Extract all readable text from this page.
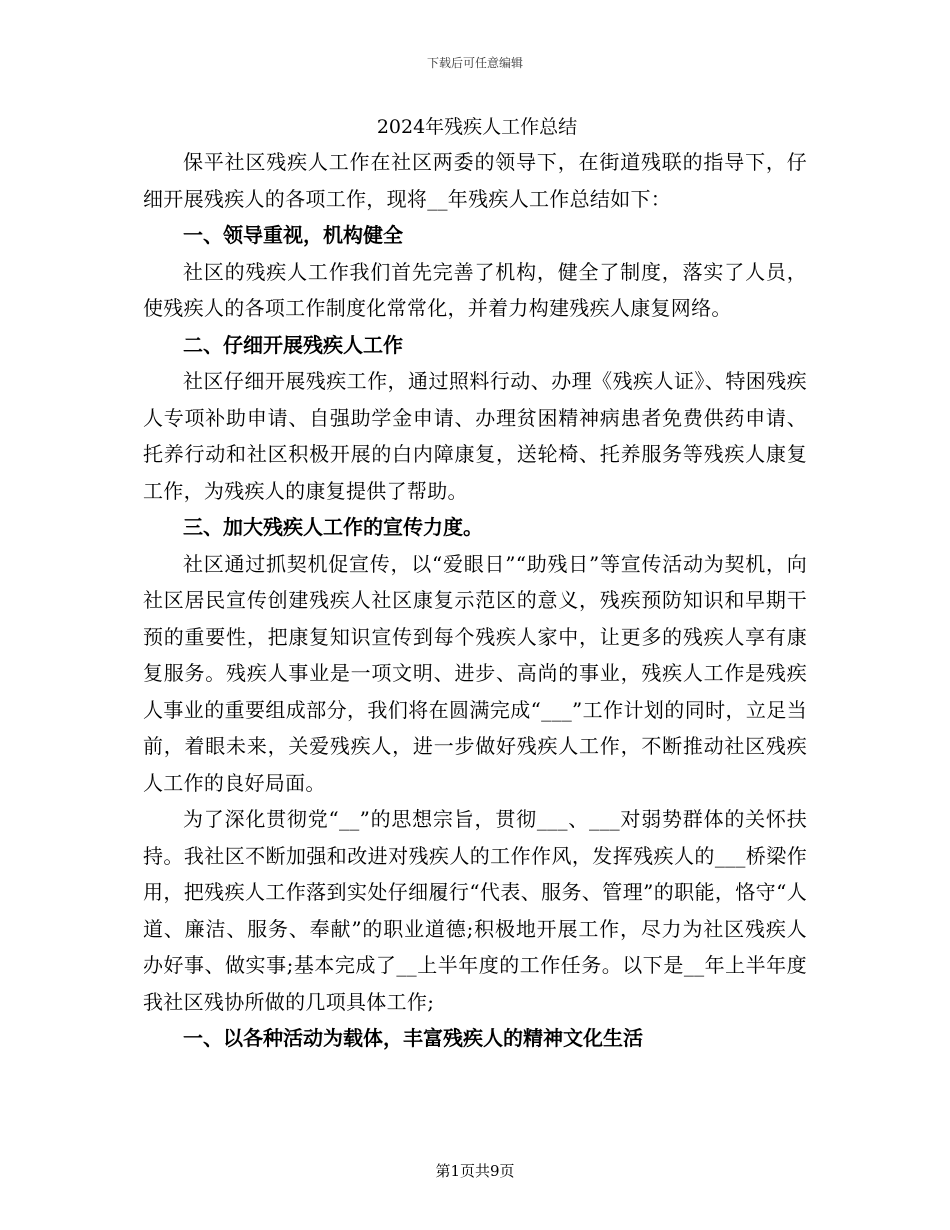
下载后可任意编辑
2024年残疾人工作总结

保平社区残疾人工作在社区两委的领导下，在街道残联的指导下，仔细开展残疾人的各项工作，现将__年残疾人工作总结如下：

一、领导重视，机构健全

社区的残疾人工作我们首先完善了机构，健全了制度，落实了人员，使残疾人的各项工作制度化常常化，并着力构建残疾人康复网络。

二、仔细开展残疾人工作

社区仔细开展残疾工作，通过照料行动、办理《残疾人证》、特困残疾人专项补助申请、自强助学金申请、办理贫困精神病患者免费供药申请、托养行动和社区积极开展的白内障康复，送轮椅、托养服务等残疾人康复工作，为残疾人的康复提供了帮助。

三、加大残疾人工作的宣传力度。

社区通过抓契机促宣传，以“爱眼日”“助残日”等宣传活动为契机，向社区居民宣传创建残疾人社区康复示范区的意义，残疾预防知识和早期干预的重要性，把康复知识宣传到每个残疾人家中，让更多的残疾人享有康复服务。残疾人事业是一项文明、进步、高尚的事业，残疾人工作是残疾人事业的重要组成部分，我们将在圆满完成“___”工作计划的同时，立足当前，着眼未来，关爱残疾人，进一步做好残疾人工作，不断推动社区残疾人工作的良好局面。

为了深化贯彻党“__”的思想宗旨，贯彻___、___对弱势群体的关怀扶持。我社区不断加强和改进对残疾人的工作作风，发挥残疾人的___桥梁作用，把残疾人工作落到实处仔细履行“代表、服务、管理”的职能，恪守“人道、廉洁、服务、奉献”的职业道德;积极地开展工作，尽力为社区残疾人办好事、做实事;基本完成了__上半年度的工作任务。以下是__年上半年度我社区残协所做的几项具体工作;

一、以各种活动为载体，丰富残疾人的精神文化生活

第1页共9页
